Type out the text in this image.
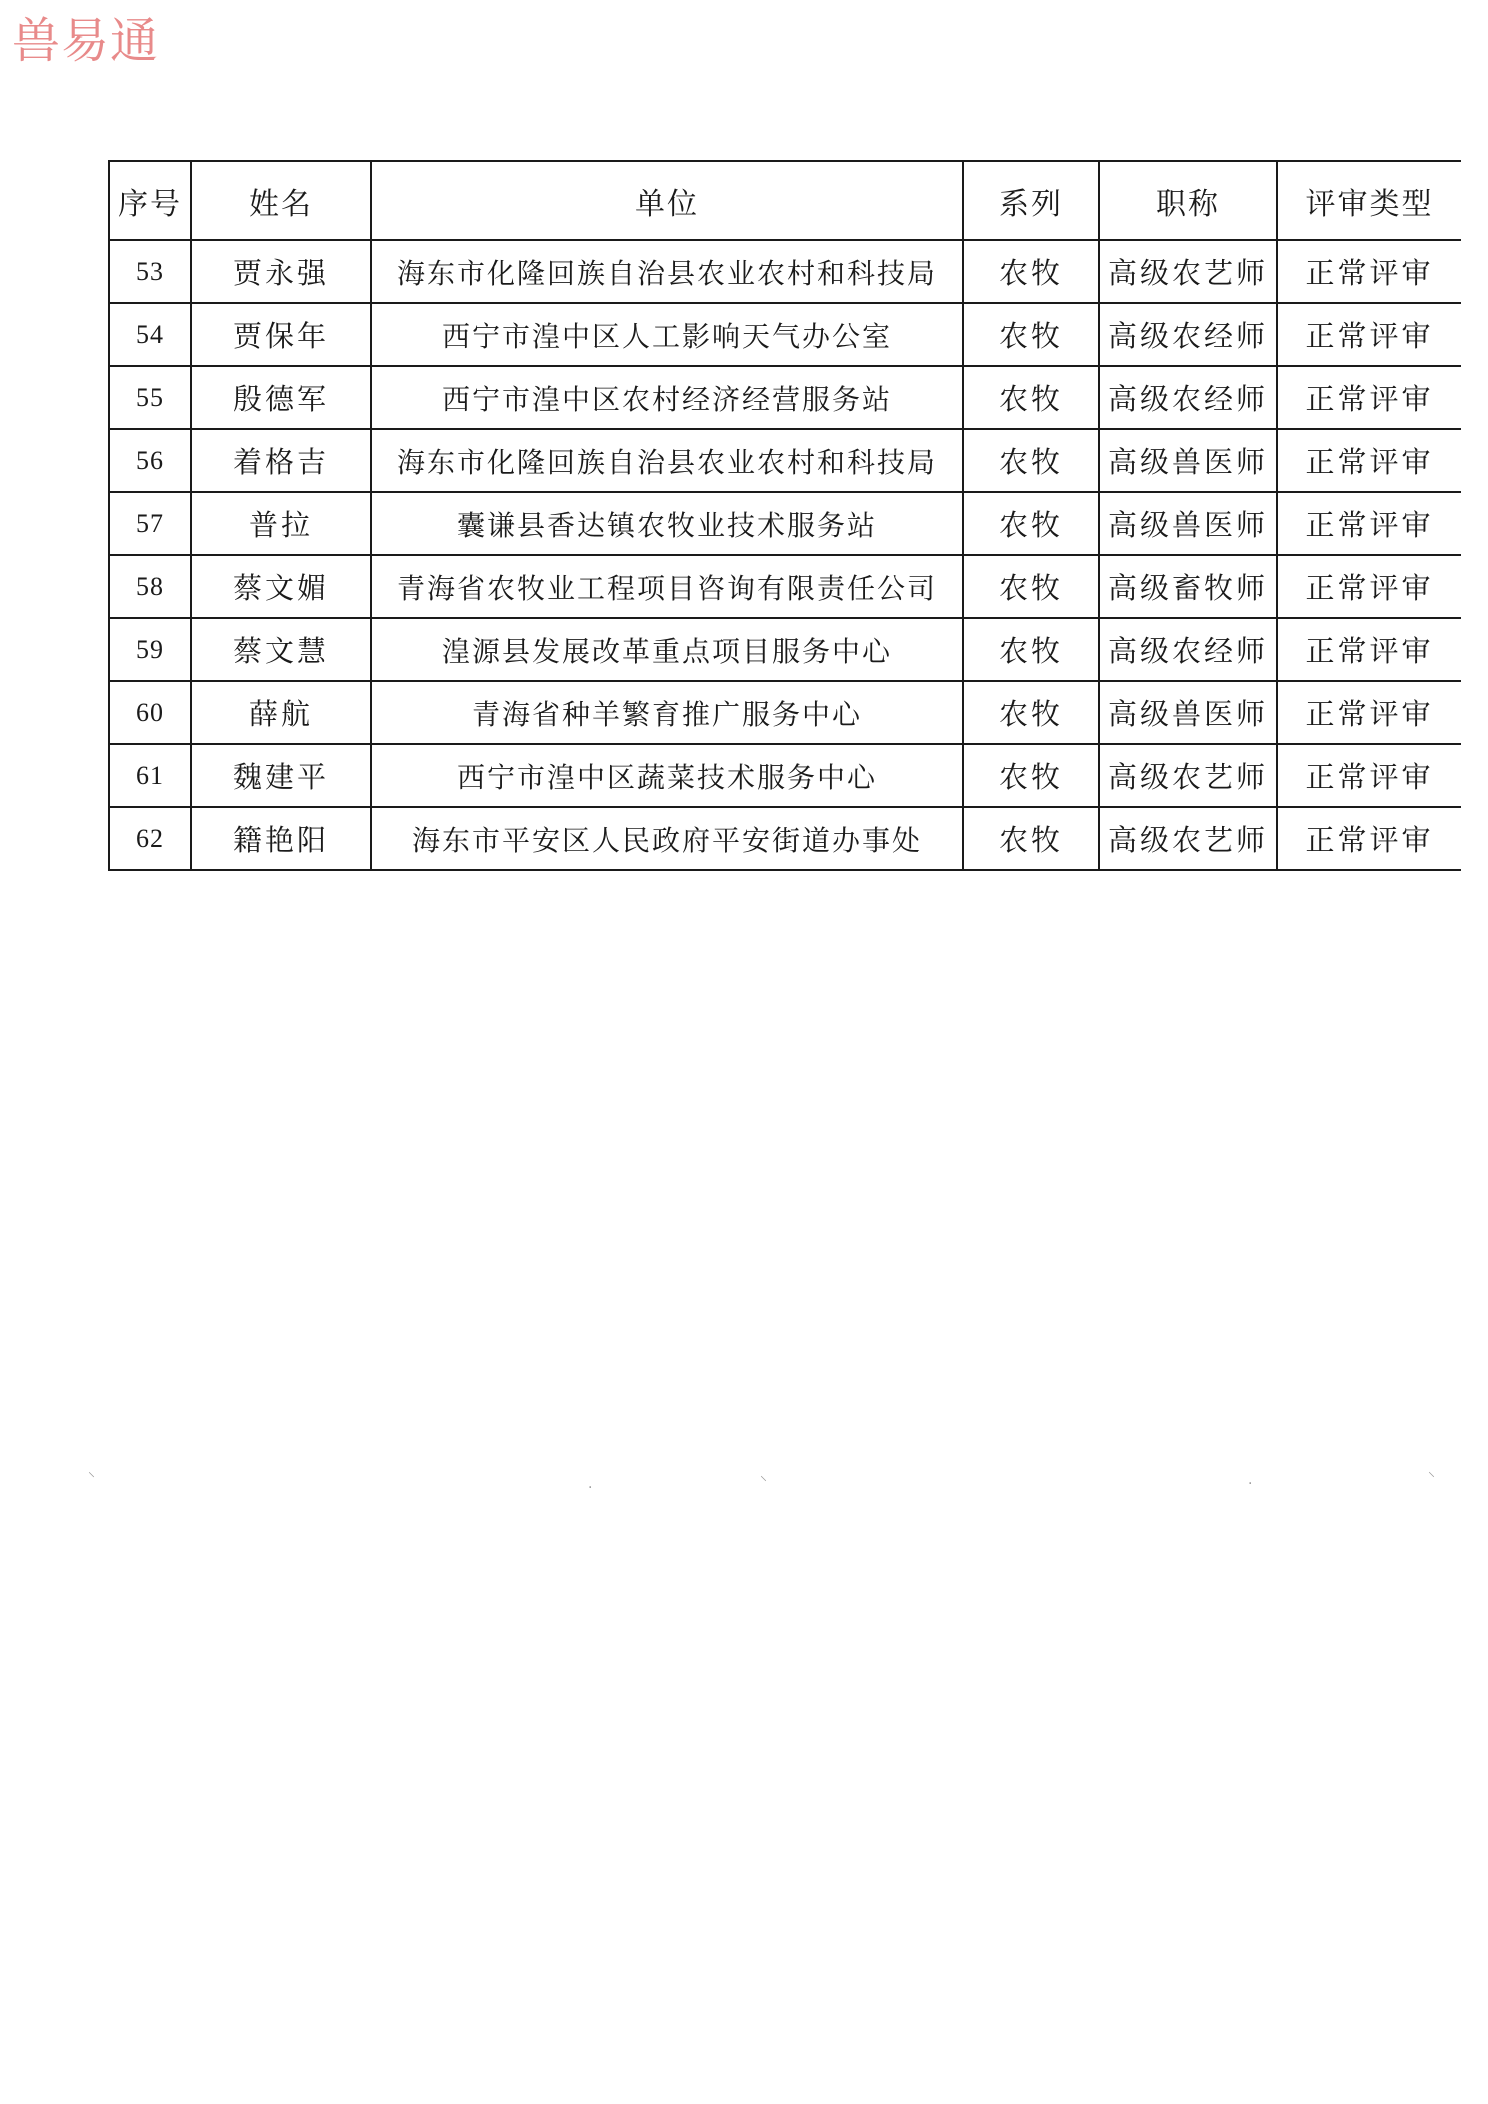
兽易通
序号	姓名	单位	系列	职称	评审类型
53	贾永强	海东市化隆回族自治县农业农村和科技局	农牧	高级农艺师	正常评审
54	贾保年	西宁市湟中区人工影响天气办公室	农牧	高级农经师	正常评审
55	殷德军	西宁市湟中区农村经济经营服务站	农牧	高级农经师	正常评审
56	着格吉	海东市化隆回族自治县农业农村和科技局	农牧	高级兽医师	正常评审
57	普拉	囊谦县香达镇农牧业技术服务站	农牧	高级兽医师	正常评审
58	蔡文媚	青海省农牧业工程项目咨询有限责任公司	农牧	高级畜牧师	正常评审
59	蔡文慧	湟源县发展改革重点项目服务中心	农牧	高级农经师	正常评审
60	薛航	青海省种羊繁育推广服务中心	农牧	高级兽医师	正常评审
61	魏建平	西宁市湟中区蔬菜技术服务中心	农牧	高级农艺师	正常评审
62	籍艳阳	海东市平安区人民政府平安街道办事处	农牧	高级农艺师	正常评审
⸌
·
⸜	·
⸜
